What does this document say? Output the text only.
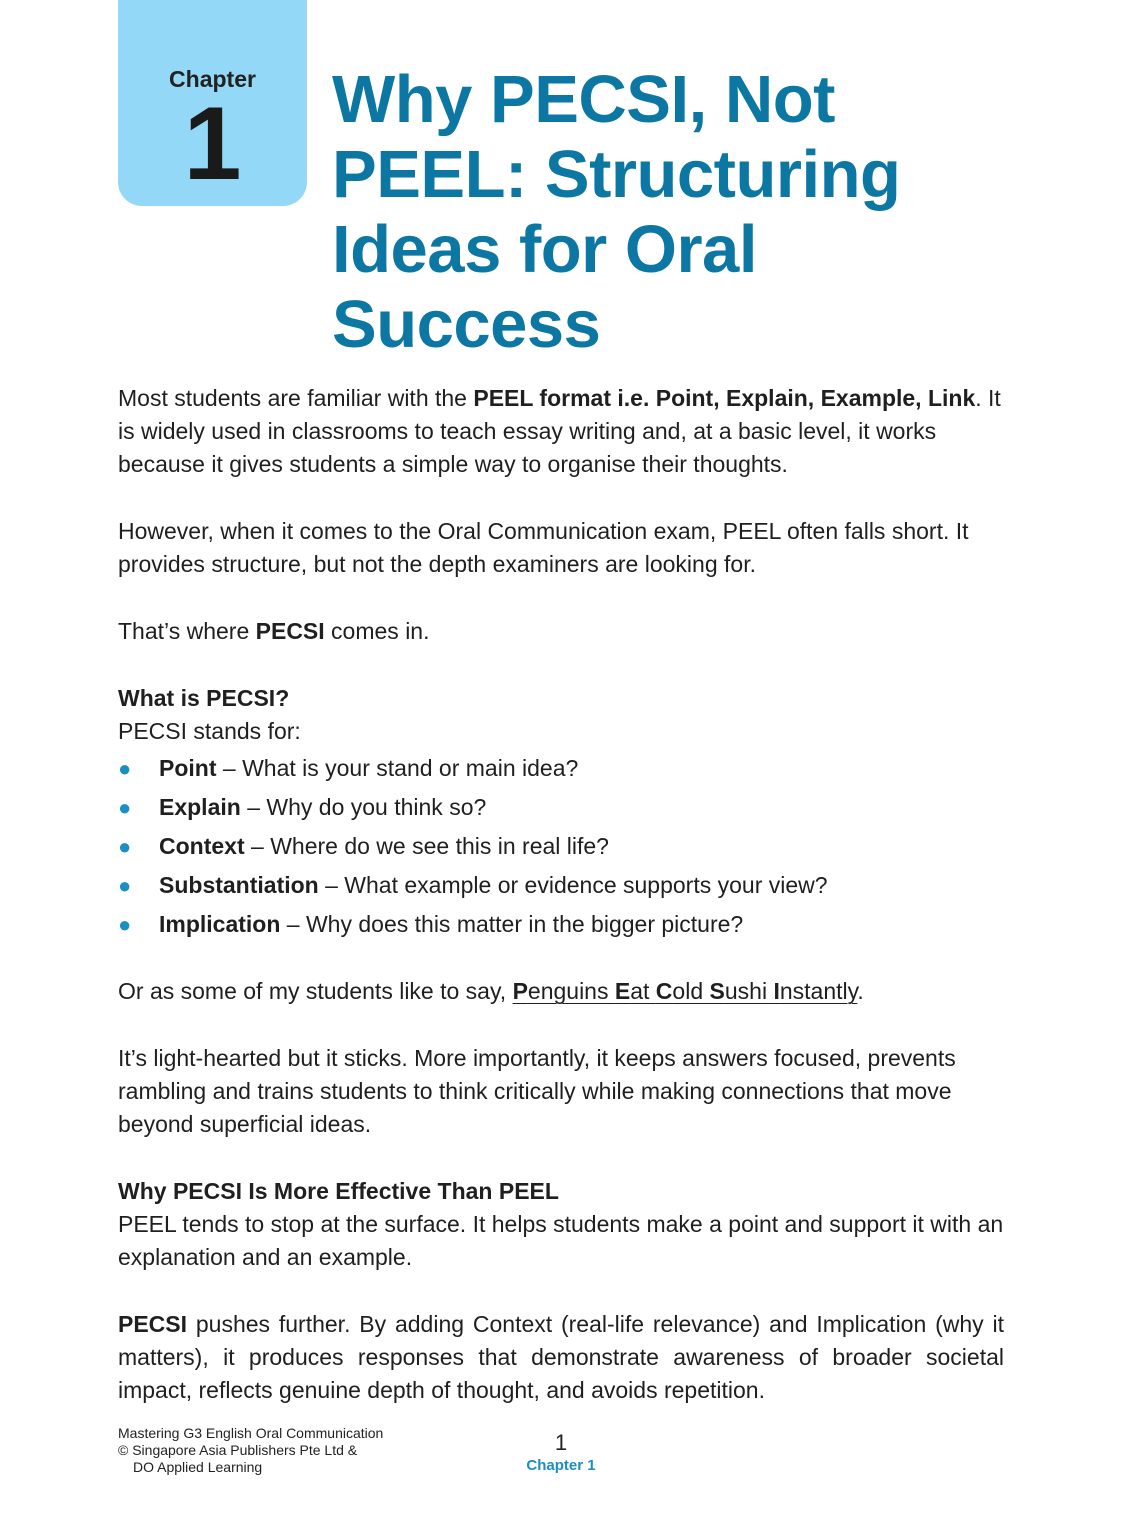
Chapter
1	Why PECSI, Not PEEL: Structuring Ideas for Oral Success

Most students are familiar with the PEEL format i.e. Point, Explain, Example, Link. It is widely used in classrooms to teach essay writing and, at a basic level, it works because it gives students a simple way to organise their thoughts.

However, when it comes to the Oral Communication exam, PEEL often falls short. It provides structure, but not the depth examiners are looking for.

That’s where PECSI comes in.

What is PECSI?

PECSI stands for:

● Point – What is your stand or main idea?
● Explain – Why do you think so?
● Context – Where do we see this in real life?
● Substantiation – What example or evidence supports your view?
● Implication – Why does this matter in the bigger picture?

Or as some of my students like to say, Penguins Eat Cold Sushi Instantly.

It’s light-hearted but it sticks. More importantly, it keeps answers focused, prevents rambling and trains students to think critically while making connections that move beyond superficial ideas.

Why PECSI Is More Effective Than PEEL

PEEL tends to stop at the surface. It helps students make a point and support it with an explanation and an example.

PECSI pushes further. By adding Context (real-life relevance) and Implication (why it matters), it produces responses that demonstrate awareness of broader societal impact, reflects genuine depth of thought, and avoids repetition.

Mastering G3 English Oral Communication
© Singapore Asia Publishers Pte Ltd &
DO Applied Learning
1
Chapter 1
